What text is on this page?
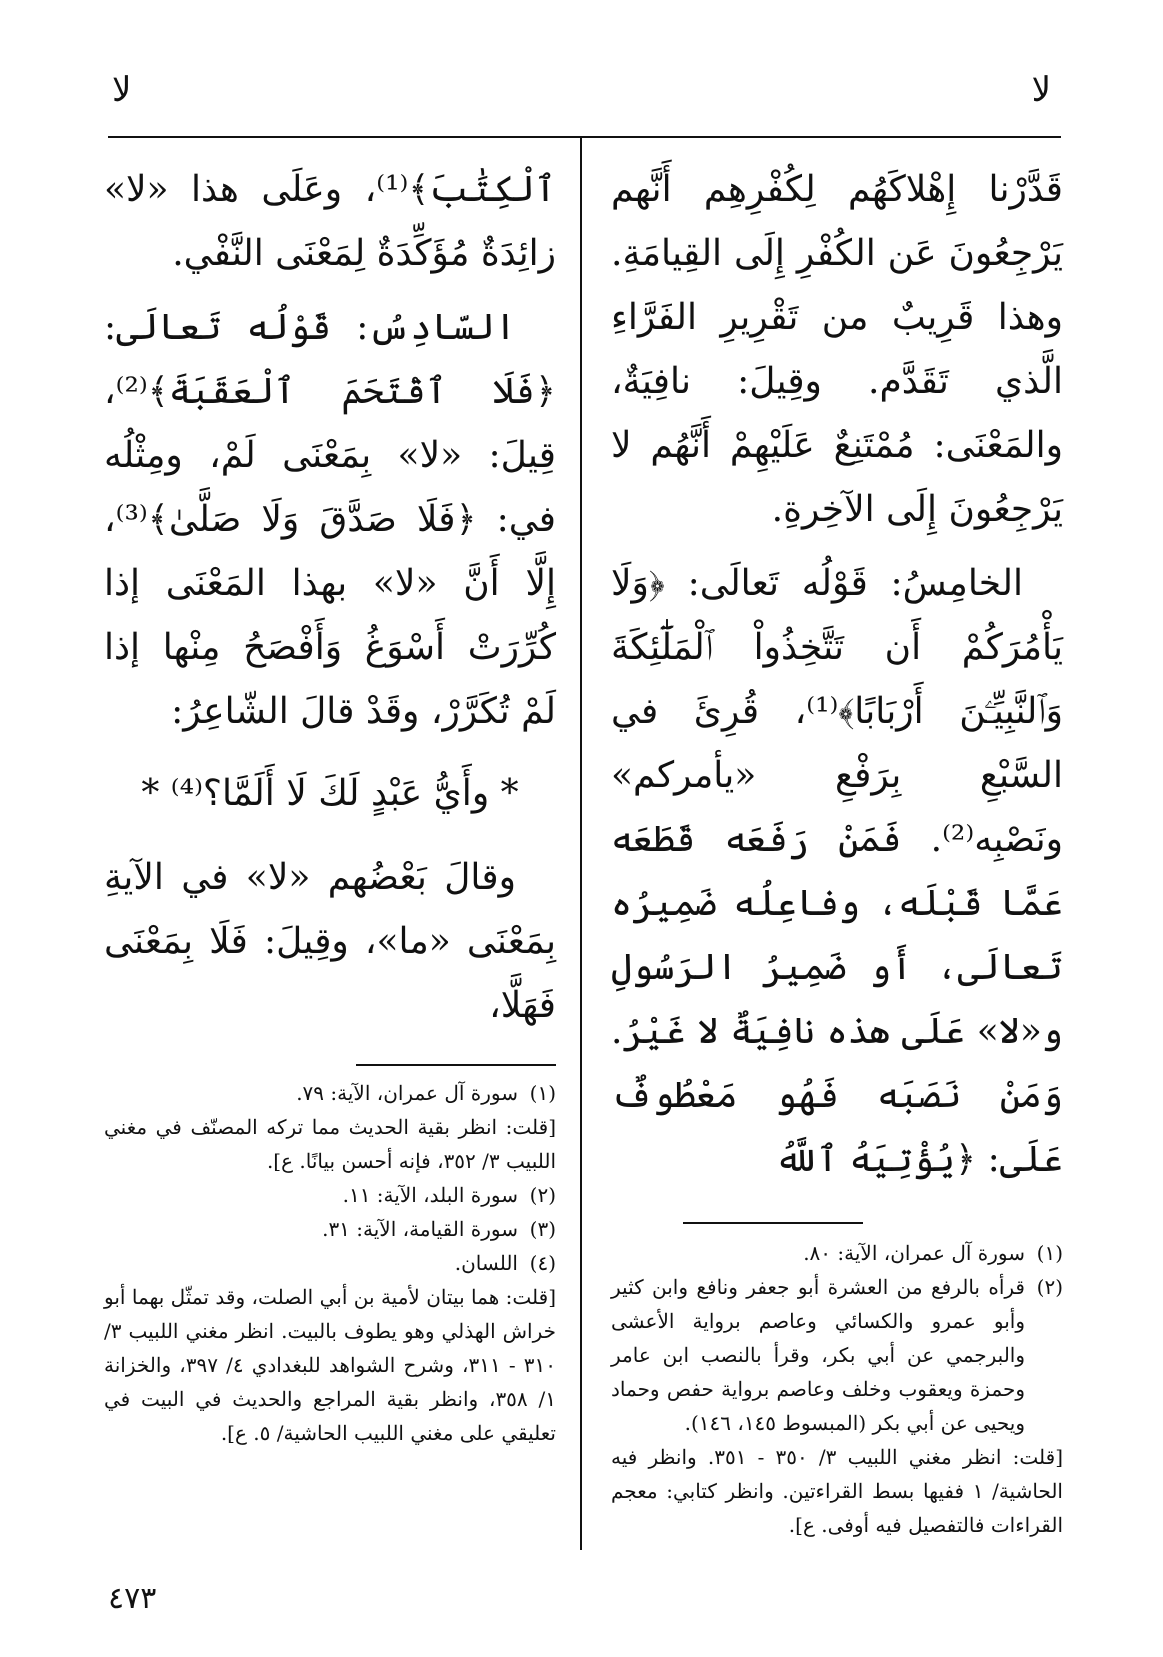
لا
لا

قَدَّرْنا إِهْلاكَهُم لِكُفْرِهِم أَنَّهم يَرْجِعُونَ عَن الكُفْرِ إِلَى القِيامَةِ. وهذا قَرِيبٌ من تَقْرِيرِ الفَرَّاءِ الَّذي تَقَدَّم. وقِيلَ: نافِيَةٌ، والمَعْنَى: مُمْتَنِعٌ عَلَيْهِمْ أَنَّهُم لا يَرْجِعُونَ إِلَى الآخِرةِ.

الخامِسُ: قَوْلُه تَعالَى: ﴿وَلَا يَأْمُرَكُمْ أَن تَتَّخِذُواْ ٱلْمَلَٰٓئِكَةَ وَٱلنَّبِيِّـۧنَ أَرْبَابًا﴾⁽¹⁾، قُرِئَ في السَّبْعِ بِرَفْعِ «يأمركم» ونَصْبِه⁽²⁾. فَمَنْ رَفَعَه قَطَعَه عَمَّا قَبْلَه، وفاعِلُه ضَمِيرُه تَعالَى، أَو ضَمِيرُ الرَسُولِ و«لا» عَلَى هذه نافِيَةٌ لا غَيْرُ. وَمَنْ نَصَبَه فَهُو مَعْطُوفٌ عَلَى: ﴿يُؤْتِيَهُ ٱللَّهُ

(١)سورة آل عمران، الآية: ٨٠.
(٢)
قرأه بالرفع من العشرة أبو جعفر ونافع وابن كثير وأبو عمرو والكسائي وعاصم برواية الأعشى والبرجمي عن أبي بكر، وقرأ بالنصب ابن عامر وحمزة ويعقوب وخلف وعاصم برواية حفص وحماد ويحيى عن أبي بكر (المبسوط ١٤٥، ١٤٦).
[قلت: انظر مغني اللبيب ٣/ ٣٥٠ - ٣٥١. وانظر فيه الحاشية/ ١ ففيها بسط القراءتين. وانظر كتابي: معجم القراءات فالتفصيل فيه أوفى. ع].

ٱلْكِتَٰبَ﴾⁽¹⁾، وعَلَى هذا «لا» زائِدَةٌ مُؤَكِّدَةٌ لِمَعْنَى النَّفْي.

السّادِسُ: قَوْلُه تَعالَى: ﴿فَلَا ٱقْتَحَمَ ٱلْعَقَبَةَ﴾⁽²⁾، قِيلَ: «لا» بِمَعْنَى لَمْ، ومِثْلُه في: ﴿فَلَا صَدَّقَ وَلَا صَلَّىٰ﴾⁽³⁾، إِلَّا أَنَّ «لا» بهذا المَعْنَى إذا كُرِّرَتْ أَسْوَغُ وَأَفْصَحُ مِنْها إذا لَمْ تُكَرَّرْ، وقَدْ قالَ الشّاعِرُ:

* وأَيُّ عَبْدٍ لَكَ لَا أَلَمَّا؟⁽⁴⁾ *

وقالَ بَعْضُهم «لا» في الآيةِ بِمَعْنَى «ما»، وقِيلَ: فَلَا بِمَعْنَى فَهَلَّا،

(١)سورة آل عمران، الآية: ٧٩.
[قلت: انظر بقية الحديث مما تركه المصنّف في مغني اللبيب ٣/ ٣٥٢، فإنه أحسن بيانًا. ع].
(٢)سورة البلد، الآية: ١١.
(٣)سورة القيامة، الآية: ٣١.
(٤)اللسان.
[قلت: هما بيتان لأمية بن أبي الصلت، وقد تمثّل بهما أبو خراش الهذلي وهو يطوف بالبيت. انظر مغني اللبيب ٣/ ٣١٠ - ٣١١، وشرح الشواهد للبغدادي ٤/ ٣٩٧، والخزانة ١/ ٣٥٨، وانظر بقية المراجع والحديث في البيت في تعليقي على مغني اللبيب الحاشية/ ٥. ع].
٤٧٣
